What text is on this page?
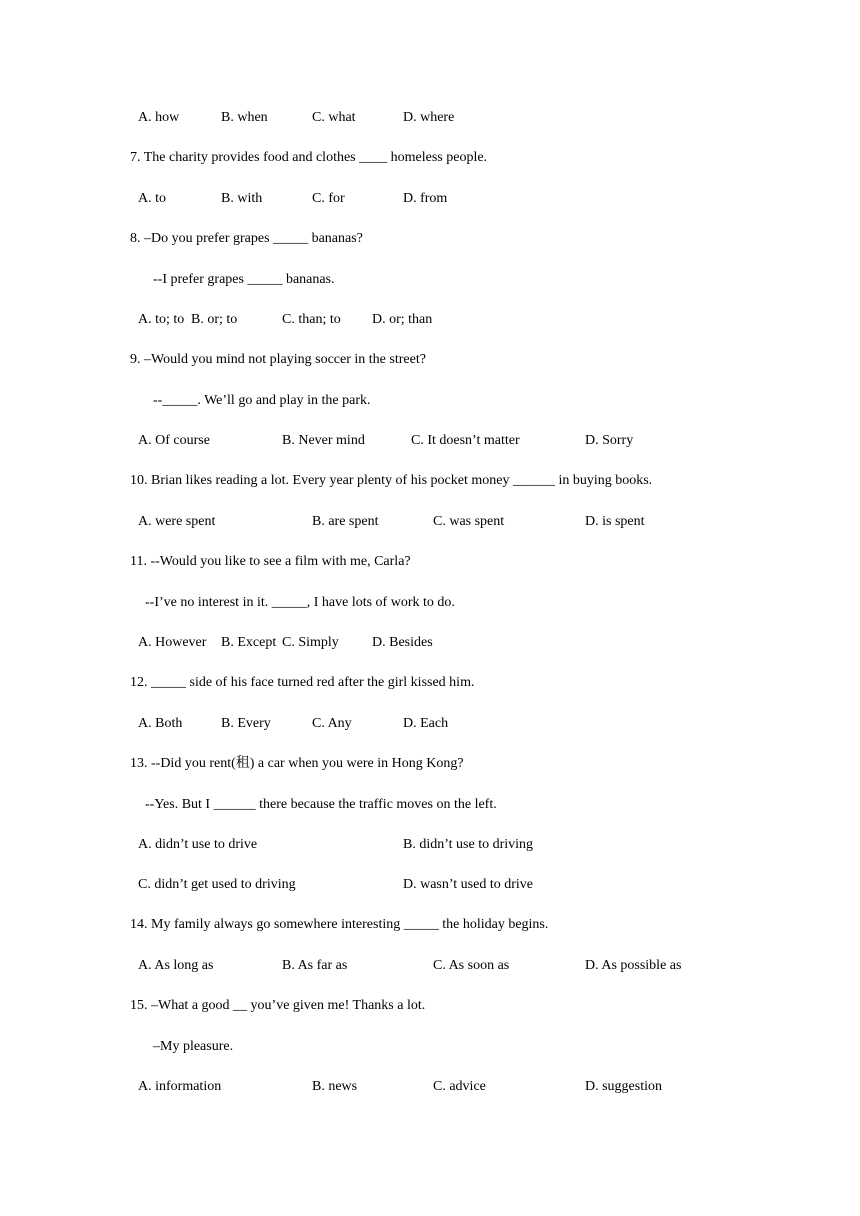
A. how	B. when	C. what	D. where
7. The charity provides food and clothes ____ homeless people.
A. to	B. with	C. for	D. from
8. –Do you prefer grapes _____ bananas?
--I prefer grapes _____ bananas.
A. to; to B. or; to	C. than; to D. or; than
9. –Would you mind not playing soccer in the street?
--_____. We’ll go and play in the park.
A. Of course	B. Never mind	C. It doesn’t matter	D. Sorry
10. Brian likes reading a lot. Every year plenty of his pocket money ______ in buying books.
A. were spent	B. are spent	C. was spent	D. is spent
11. --Would you like to see a film with me, Carla?
--I’ve no interest in it. _____, I have lots of work to do.
A. However B. Except C. Simply D. Besides
12. _____ side of his face turned red after the girl kissed him.
A. Both	B. Every	C. Any	D. Each
13. --Did you rent(租) a car when you were in Hong Kong?
--Yes. But I ______ there because the traffic moves on the left.
A. didn’t use to drive	B. didn’t use to driving
C. didn’t get used to driving	D. wasn’t used to drive
14. My family always go somewhere interesting _____ the holiday begins.
A. As long as	B. As far as	C. As soon as	D. As possible as
15. –What a good __ you’ve given me! Thanks a lot.
–My pleasure.
A. information	B. news	C. advice	D. suggestion
